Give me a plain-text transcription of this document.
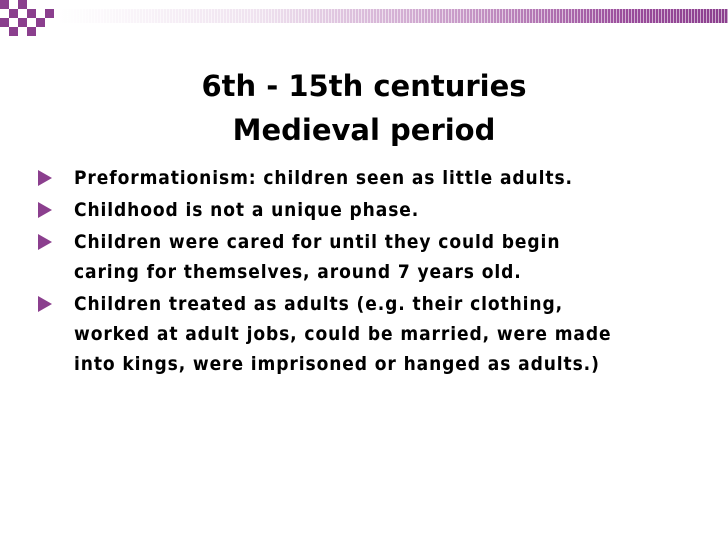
6th - 15th centuries
Medieval period
Preformationism: children seen as little adults.
Childhood is not a unique phase.
Children were cared for until they could begin
caring for themselves, around 7 years old.
Children treated as adults (e.g. their clothing,
worked at adult jobs, could be married, were made
into kings, were imprisoned or hanged as adults.)
